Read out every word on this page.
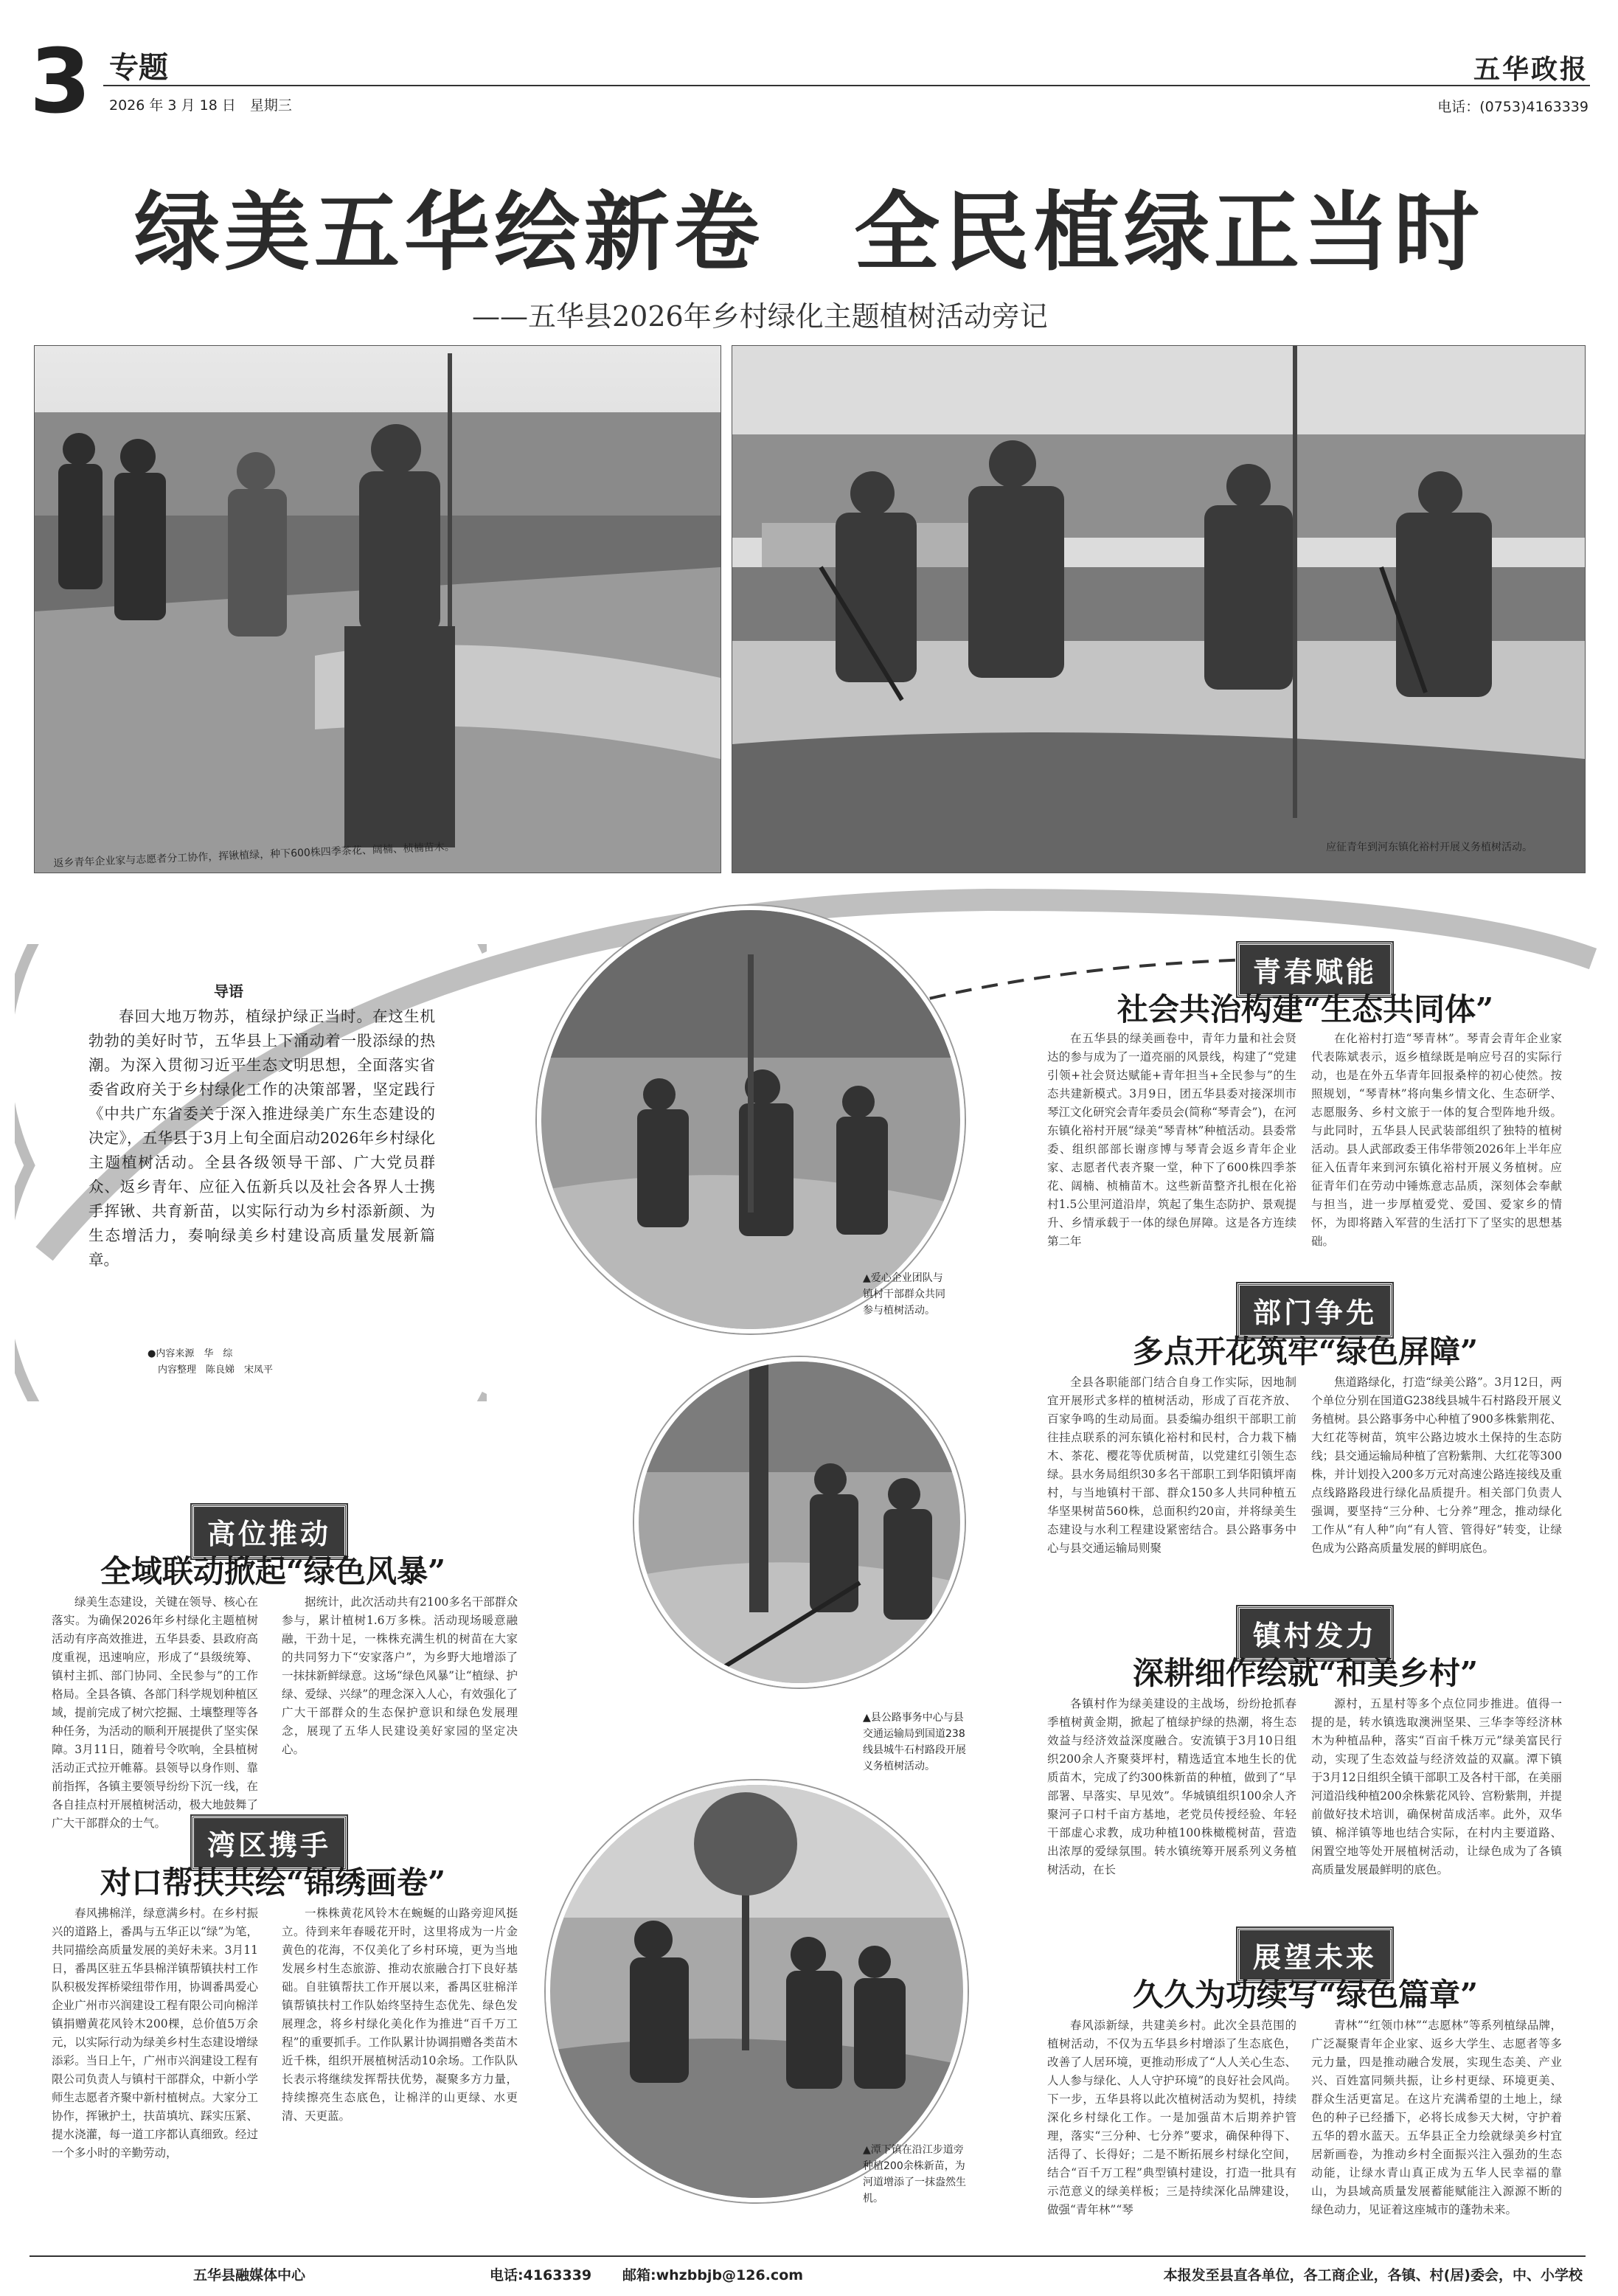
3 专题
2026 年 3 月 18 日　星期三
五华政报
电话：(0753)4163339
绿美五华绘新卷　全民植绿正当时
——五华县2026年乡村绿化主题植树活动旁记
返乡青年企业家与志愿者分工协作，挥锹植绿，种下600株四季茶花、阔楠、桢楠苗木。	应征青年到河东镇化裕村开展义务植树活动。
导语
春回大地万物苏，植绿护绿正当时。在这生机勃勃的美好时节，五华县上下涌动着一股添绿的热潮。为深入贯彻习近平生态文明思想，全面落实省委省政府关于乡村绿化工作的决策部署，坚定践行《中共广东省委关于深入推进绿美广东生态建设的决定》，五华县于3月上旬全面启动2026年乡村绿化主题植树活动。全县各级领导干部、广大党员群众、返乡青年、应征入伍新兵以及社会各界人士携手挥锹、共育新苗，以实际行动为乡村添新颜、为生态增活力，奏响绿美乡村建设高质量发展新篇章。
●内容来源　华　综
内容整理　陈良娣　宋凤平
▲爱心企业团队与镇村干部群众共同参与植树活动。
▲县公路事务中心与县交通运输局到国道238线县城牛石村路段开展义务植树活动。
▲潭下镇在沿江步道旁种植200余株新苗，为河道增添了一抹盎然生机。
青春赋能
社会共治构建“生态共同体”
在五华县的绿美画卷中，青年力量和社会贤达的参与成为了一道亮丽的风景线，构建了“党建引领+社会贤达赋能+青年担当+全民参与”的生态共建新模式。3月9日，团五华县委对接深圳市琴江文化研究会青年委员会(简称“琴青会”)，在河东镇化裕村开展“绿美“琴青林”种植活动。县委常委、组织部部长谢彦博与琴青会返乡青年企业家、志愿者代表齐聚一堂，种下了600株四季茶花、阔楠、桢楠苗木。这些新苗整齐扎根在化裕村1.5公里河道沿岸，筑起了集生态防护、景观提升、乡情承载于一体的绿色屏障。这是各方连续第二年
在化裕村打造“琴青林”。琴青会青年企业家代表陈斌表示，返乡植绿既是响应号召的实际行动，也是在外五华青年回报桑梓的初心使然。按照规划，“琴青林”将向集乡情文化、生态研学、志愿服务、乡村文旅于一体的复合型阵地升级。与此同时，五华县人民武装部组织了独特的植树活动。县人武部政委王伟华带领2026年上半年应征入伍青年来到河东镇化裕村开展义务植树。应征青年们在劳动中锤炼意志品质，深刻体会奉献与担当，进一步厚植爱党、爱国、爱家乡的情怀，为即将踏入军营的生活打下了坚实的思想基础。
部门争先
多点开花筑牢“绿色屏障”
全县各职能部门结合自身工作实际，因地制宜开展形式多样的植树活动，形成了百花齐放、百家争鸣的生动局面。县委编办组织干部职工前往挂点联系的河东镇化裕村和民村，合力栽下楠木、茶花、樱花等优质树苗，以党建红引领生态绿。县水务局组织30多名干部职工到华阳镇坪南村，与当地镇村干部、群众150多人共同种植五华坚果树苗560株，总面积约20亩，并将绿美生态建设与水利工程建设紧密结合。县公路事务中心与县交通运输局则聚
焦道路绿化，打造“绿美公路”。3月12日，两个单位分别在国道G238线县城牛石村路段开展义务植树。县公路事务中心种植了900多株紫荆花、大红花等树苗，筑牢公路边坡水土保持的生态防线；县交通运输局种植了宫粉紫荆、大红花等300株，并计划投入200多万元对高速公路连接线及重点线路路段进行绿化品质提升。相关部门负责人强调，要坚持“三分种、七分养”理念，推动绿化工作从“有人种”向“有人管、管得好”转变，让绿色成为公路高质量发展的鲜明底色。
镇村发力
深耕细作绘就“和美乡村”
各镇村作为绿美建设的主战场，纷纷抢抓春季植树黄金期，掀起了植绿护绿的热潮，将生态效益与经济效益深度融合。安流镇于3月10日组织200余人齐聚葵坪村，精选适宜本地生长的优质苗木，完成了约300株新苗的种植，做到了“早部署、早落实、早见效”。华城镇组织100余人齐聚河子口村千亩方基地，老党员传授经验、年轻干部虚心求教，成功种植100株橄榄树苗，营造出浓厚的爱绿氛围。转水镇统筹开展系列义务植树活动，在长
源村，五星村等多个点位同步推进。值得一提的是，转水镇选取澳洲坚果、三华李等经济林木为种植品种，落实“百亩千株万元”绿美富民行动，实现了生态效益与经济效益的双赢。潭下镇于3月12日组织全镇干部职工及各村干部，在美丽河道沿线种植200余株紫花风铃、宫粉紫荆，并提前做好技术培训，确保树苗成活率。此外，双华镇、棉洋镇等地也结合实际，在村内主要道路、闲置空地等处开展植树活动，让绿色成为了各镇高质量发展最鲜明的底色。
展望未来
久久为功续写“绿色篇章”
春风添新绿，共建美乡村。此次全县范围的植树活动，不仅为五华县乡村增添了生态底色，改善了人居环境，更推动形成了“人人关心生态、人人参与绿化、人人守护环境”的良好社会风尚。下一步，五华县将以此次植树活动为契机，持续深化乡村绿化工作。一是加强苗木后期养护管理，落实“三分种、七分养”要求，确保种得下、活得了、长得好；二是不断拓展乡村绿化空间，结合“百千万工程”典型镇村建设，打造一批具有示范意义的绿美样板；三是持续深化品牌建设，做强“青年林”“琴
青林”“红领巾林”“志愿林”等系列植绿品牌，广泛凝聚青年企业家、返乡大学生、志愿者等多元力量，四是推动融合发展，实现生态美、产业兴、百姓富同频共振，让乡村更绿、环境更美、群众生活更富足。在这片充满希望的土地上，绿色的种子已经播下，必将长成参天大树，守护着五华的碧水蓝天。五华县正全力绘就绿美乡村宜居新画卷，为推动乡村全面振兴注入强劲的生态动能，让绿水青山真正成为五华人民幸福的靠山，为县域高质量发展蓄能赋能注入源源不断的绿色动力，见证着这座城市的蓬勃未来。
高位推动
全域联动掀起“绿色风暴”
绿美生态建设，关键在领导、核心在落实。为确保2026年乡村绿化主题植树活动有序高效推进，五华县委、县政府高度重视，迅速响应，形成了“县级统筹、镇村主抓、部门协同、全民参与”的工作格局。全县各镇、各部门科学规划种植区域，提前完成了树穴挖掘、土壤整理等各种任务，为活动的顺利开展提供了坚实保障。3月11日，随着号令吹响，全县植树活动正式拉开帷幕。县领导以身作则、靠前指挥，各镇主要领导纷纷下沉一线，在各自挂点村开展植树活动，极大地鼓舞了广大干部群众的士气。
据统计，此次活动共有2100多名干部群众参与，累计植树1.6万多株。活动现场暖意融融，干劲十足，一株株充满生机的树苗在大家的共同努力下“安家落户”，为乡野大地增添了一抹抹新鲜绿意。这场“绿色风暴”让“植绿、护绿、爱绿、兴绿”的理念深入人心，有效强化了广大干部群众的生态保护意识和绿色发展理念，展现了五华人民建设美好家园的坚定决心。
湾区携手
对口帮扶共绘“锦绣画卷”
春风拂棉洋，绿意满乡村。在乡村振兴的道路上，番禺与五华正以“绿”为笔，共同描绘高质量发展的美好未来。3月11日，番禺区驻五华县棉洋镇帮镇扶村工作队积极发挥桥梁纽带作用，协调番禺爱心企业广州市兴润建设工程有限公司向棉洋镇捐赠黄花风铃木200棵，总价值5万余元，以实际行动为绿美乡村生态建设增绿添彩。当日上午，广州市兴润建设工程有限公司负责人与镇村干部群众，中新小学师生志愿者齐聚中新村植树点。大家分工协作，挥锹护土，扶苗填坑、踩实压紧、提水浇灌，每一道工序都认真细致。经过一个多小时的辛勤劳动，
一株株黄花风铃木在蜿蜒的山路旁迎风挺立。待到来年春暖花开时，这里将成为一片金黄色的花海，不仅美化了乡村环境，更为当地发展乡村生态旅游、推动农旅融合打下良好基础。自驻镇帮扶工作开展以来，番禺区驻棉洋镇帮镇扶村工作队始终坚持生态优先、绿色发展理念，将乡村绿化美化作为推进“百千万工程”的重要抓手。工作队累计协调捐赠各类苗木近千株，组织开展植树活动10余场。工作队队长表示将继续发挥帮扶优势，凝聚多方力量，持续擦亮生态底色，让棉洋的山更绿、水更清、天更蓝。
五华县融媒体中心	电话:4163339 邮箱:whzbbjb@126.com	本报发至县直各单位，各工商企业，各镇、村(居)委会，中、小学校
